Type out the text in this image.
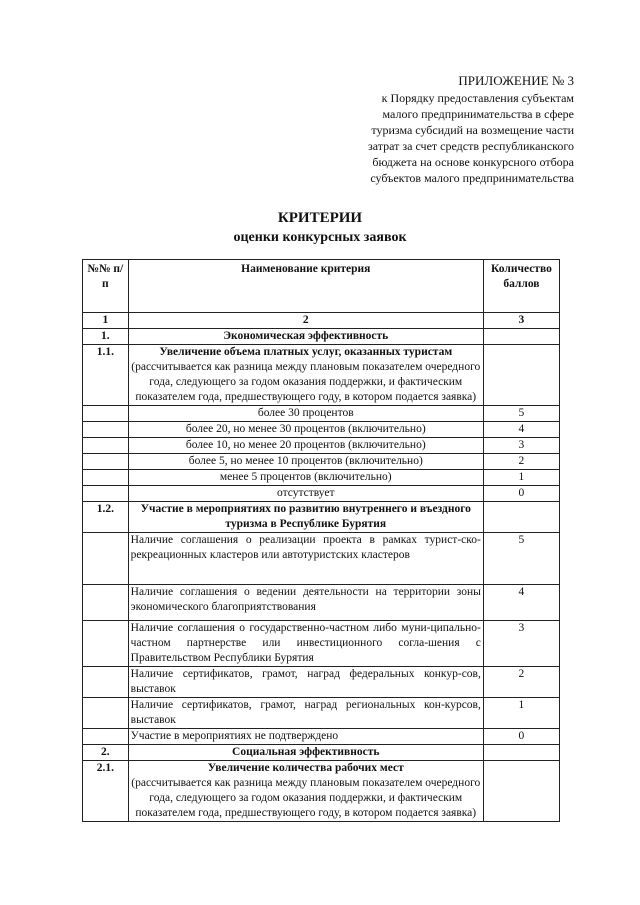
ПРИЛОЖЕНИЕ № 3
к Порядку предоставления субъектам
малого предпринимательства в сфере
туризма субсидий на возмещение части
затрат за счет средств республиканского
бюджета на основе конкурсного отбора
субъектов малого предпринимательства
КРИТЕРИИ
оценки конкурсных заявок
№№ п/п	Наименование критерия	Количество баллов
1	2	3
1.	Экономическая эффективность	
1.1.	Увеличение объема платных услуг, оказанных туристам
(рассчитывается как разница между плановым показателем очередного года, следующего за годом оказания поддержки, и фактическим показателем года, предшествующего году, в котором подается заявка)	

	более 30 процентов	5
	более 20, но менее 30 процентов (включительно)	4
	более 10, но менее 20 процентов (включительно)	3
	более 5, но менее 10 процентов (включительно)	2
	менее 5 процентов (включительно)	1
	отсутствует	0
1.2.	Участие в мероприятиях по развитию внутреннего и въездного туризма в Республике Бурятия	
	Наличие соглашения о реализации проекта в рамках турист-ско-рекреационных кластеров или автотуристских кластеров	5
	Наличие соглашения о ведении деятельности на территории зоны экономического благоприятствования	4
	Наличие соглашения о государственно-частном либо муни-ципально-частном партнерстве или инвестиционного согла-шения с Правительством Республики Бурятия	3
	Наличие сертификатов, грамот, наград федеральных конкур-сов, выставок	2
	Наличие сертификатов, грамот, наград региональных кон-курсов, выставок	1
	Участие в мероприятиях не подтверждено	0
2.	Социальная эффективность	
2.1.	Увеличение количества рабочих мест
(рассчитывается как разница между плановым показателем очередного года, следующего за годом оказания поддержки, и фактическим показателем года, предшествующего году, в котором подается заявка)	
